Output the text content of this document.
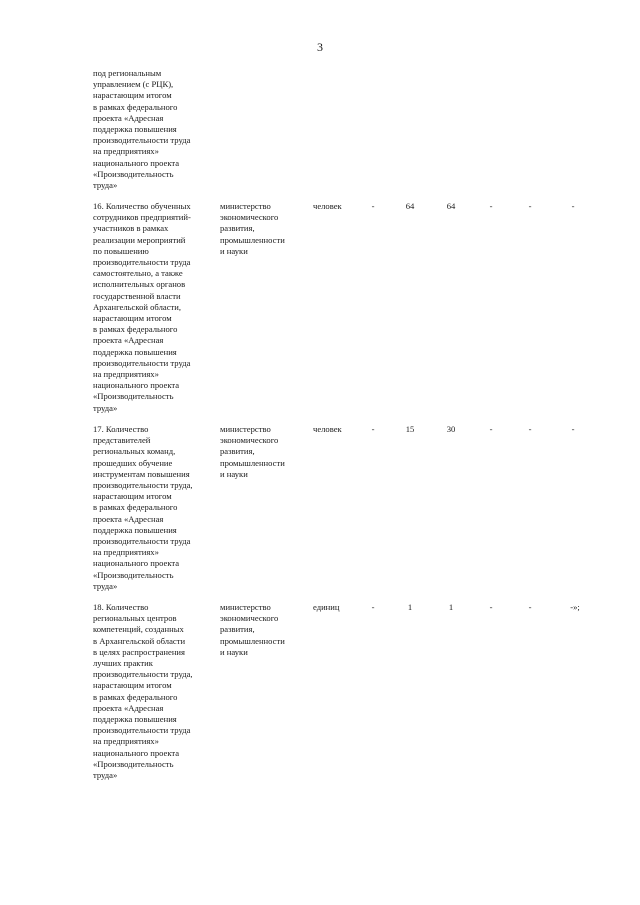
3
под региональным
управлением (с РЦК),
нарастающим итогом
в рамках федерального
проекта «Адресная
поддержка повышения
производительности труда
на предприятиях»
национального проекта
«Производительность
труда»
16. Количество обученных
сотрудников предприятий-
участников в рамках
реализации мероприятий
по повышению
производительности труда
самостоятельно, а также
исполнительных органов
государственной власти
Архангельской области,
нарастающим итогом
в рамках федерального
проекта «Адресная
поддержка повышения
производительности труда
на предприятиях»
национального проекта
«Производительность
труда»
министерство
экономического
развития,
промышленности
и науки
человек	-	64	64	-	-	-
17. Количество
представителей
региональных команд,
прошедших обучение
инструментам повышения
производительности труда,
нарастающим итогом
в рамках федерального
проекта «Адресная
поддержка повышения
производительности труда
на предприятиях»
национального проекта
«Производительность
труда»
министерство
экономического
развития,
промышленности
и науки
человек	-	15	30	-	-	-
18. Количество
региональных центров
компетенций, созданных
в Архангельской области
в целях распространения
лучших практик
производительности труда,
нарастающим итогом
в рамках федерального
проекта «Адресная
поддержка повышения
производительности труда
на предприятиях»
национального проекта
«Производительность
труда»
министерство
экономического
развития,
промышленности
и науки
единиц	-	1	1	-	-	-»;
